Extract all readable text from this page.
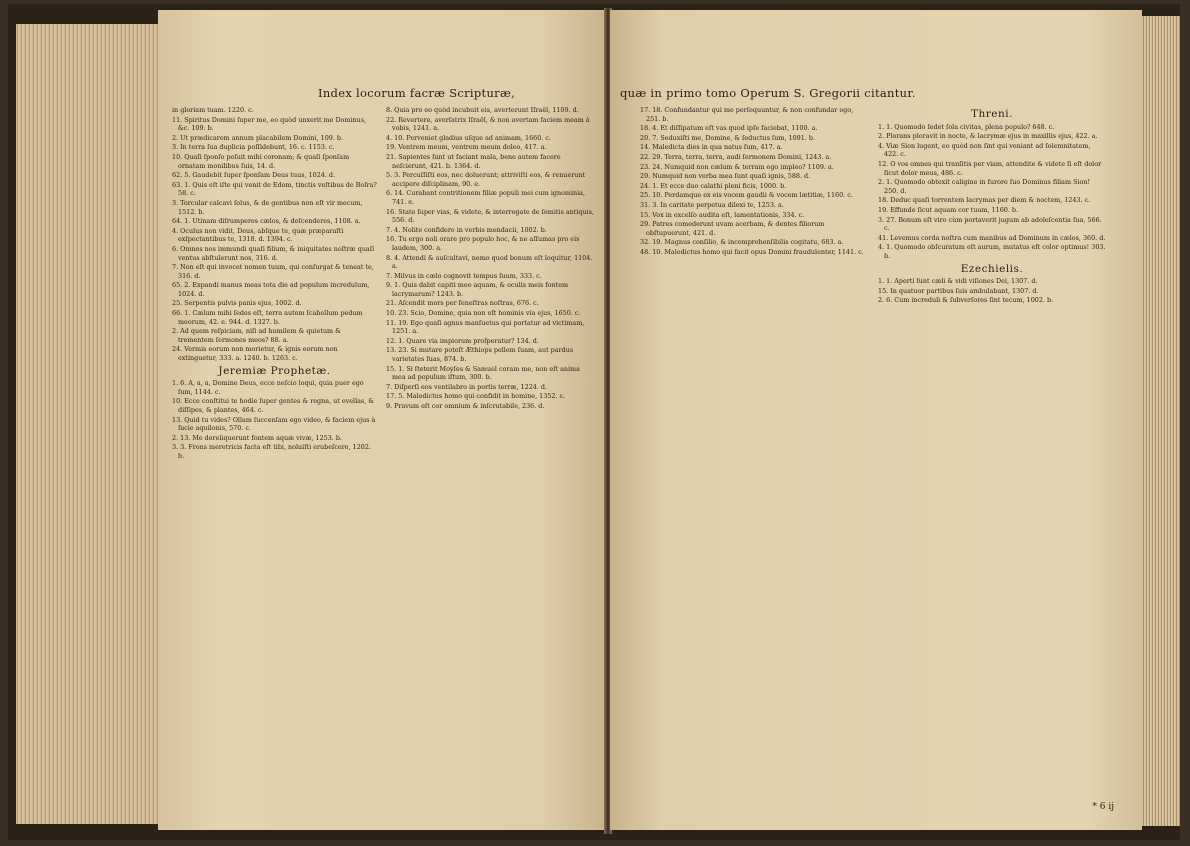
Index locorum facræ Scripturæ,

in gloriam tuam. 1220. c.

11. Spiritus Domini ſuper me, eo quòd unxerit me Dominus, &c. 109. b.

2. Ut prædicarem annum placabilem Domini, 109. b.

3. In terra ſua duplicia poſſidebunt, 16. c. 1153. c.

10. Quaſi ſponſo poſuit mihi coronam; & quaſi ſponſam ornatam monilibus ſuis, 14. d.

62. 5. Gaudebit ſuper ſponſam Deus tuus, 1024. d.

63. 1. Quis eſt iſte qui venit de Edom, tinctis veſtibus de Boſra? 58. c.

3. Torcular calcavi ſolus, & de gentibus non eſt vir mecum, 1512. b.

64. 1. Utinam diſrumperes cælos, & deſcenderes, 1108. a.

4. Oculus non vidit, Deus, abſque te, quæ præparaſti exſpectantibus te, 1318. d. 1394. c.

6. Omnes nos immundi quaſi filium, & iniquitates noſtræ quaſi ventus abſtulerunt nos, 316. d.

7. Non eſt qui invocet nomen tuum, qui conſurgat & teneat te, 316. d.

65. 2. Expandi manus meas tota die ad populum incredulum, 1024. d.

25. Serpentis pulvis panis ejus, 1002. d.

66. 1. Cælum mihi ſedes eſt, terra autem ſcabellum pedum meorum, 42. e. 944. d. 1327. b.

2. Ad quem reſpiciam, niſi ad humilem & quietum & trementem ſermones meos? 88. a.

24. Vermis eorum non morietur, & ignis eorum non extinguetur, 333. a. 1240. b. 1263. c.

Jeremiæ Prophetæ.

1. 6. A, a, a, Domine Deus, ecce neſcio loqui, quia puer ego ſum, 1144. c.

10. Ecce conſtitui te hodie ſuper gentes & regna, ut evellas, & diſſipes, & plantes, 464. c.

13. Quid tu vides? Ollam ſuccenſam ego video, & faciem ejus à facie aquilonis, 570. c.

2. 13. Me dereliquerunt fontem aquæ vivæ, 1253. b.

3. 3. Frons meretricis facta eſt tibi, noluiſti erubeſcere, 1202. b.

8. Quia pro eo quòd incubuit eis, averterunt Iſraël, 1109. d.

22. Revertere, averſatrix Iſraël, & non avertam faciem meam à vobis, 1241. a.

4. 10. Perveniet gladius uſque ad animam, 1660. c.

19. Ventrem meum, ventrem meum doleo, 417. a.

21. Sapientes ſunt ut faciant mala, bene autem facere neſcierunt, 421. b. 1364. d.

5. 3. Percuſſiſti eos, nec doluerunt; attriviſti eos, & renuerunt accipere diſciplinam, 90. e.

6. 14. Curabant contritionem filiæ populi mei cum ignominia, 741. e.

16. State ſuper vias, & videte, & interrogate de ſemitis antiquis, 556. d.

7. 4. Nolite confidere in verbis mendacii, 1002. b.

16. Tu ergo noli orare pro populo hoc, & ne aſſumas pro eis laudem, 300. a.

8. 4. Attendi & auſcultavi, nemo quod bonum eſt loquitur, 1104. a.

7. Milvus in cælo cognovit tempus ſuum, 333. c.

9. 1. Quis dabit capiti meo aquam, & oculis meis fontem lacrymarum? 1243. b.

21. Aſcendit mors per feneſtras noſtras, 676. c.

10. 23. Scio, Domine, quia non eſt hominis via ejus, 1650. c.

11. 19. Ego quaſi agnus manſuetus qui portatur ad victimam, 1251. a.

12. 1. Quare via impiorum proſperatur? 134. d.

13. 23. Si mutare poteſt Æthiops pellem ſuam, aut pardus varietates ſuas, 874. b.

15. 1. Si ſteterit Moyſes & Samuel coram me, non eſt anima mea ad populum iſtum, 300. b.

7. Diſperſi eos ventilabro in portis terræ, 1224. d.

17. 5. Maledictus homo qui confidit in homine, 1352. c.

9. Pravum eſt cor omnium & inſcrutabile, 236. d.

quæ in primo tomo Operum S. Gregorii citantur.

17. 18. Confundantur qui me perſequuntur, & non confundar ego, 251. b.

18. 4. Et diſſipatum eſt vas quod ipſe faciebat, 1100. a.

20. 7. Seduxiſti me, Domine, & ſeductus ſum, 1091. b.

14. Maledicta dies in qua natus ſum, 417. a.

22. 29. Terra, terra, terra, audi ſermonem Domini, 1243. a.

23. 24. Numquid non cælum & terram ego impleo? 1109. a.

29. Numquid non verba mea ſunt quaſi ignis, 588. d.

24. 1. Et ecce duo calathi pleni ficis, 1000. b.

25. 10. Perdamque ex eis vocem gaudii & vocem lætitiæ, 1160. c.

31. 3. In caritate perpetua dilexi te, 1253. a.

15. Vox in excelſo audita eſt, lamentationis, 334. c.

29. Patres comederunt uvam acerbam, & dentes filiorum obſtupuerunt, 421. d.

32. 19. Magnus conſilio, & incomprehenſibilis cogitatu, 683. a.

48. 10. Maledictus homo qui facit opus Domini fraudulenter, 1141. c.

Threni.

1. 1. Quomodo ſedet ſola civitas, plena populo? 648. c.

2. Plorans ploravit in nocte, & lacrymæ ejus in maxillis ejus, 422. a.

4. Viæ Sion lugent, eo quòd non ſint qui veniant ad ſolemnitatem, 422. c.

12. O vos omnes qui tranſitis per viam, attendite & videte ſi eſt dolor ſicut dolor meus, 486. c.

2. 1. Quomodo obtexit caligine in furore ſuo Dominus filiam Sion! 250. d.

18. Deduc quaſi torrentem lacrymas per diem & noctem, 1243. c.

19. Effunde ſicut aquam cor tuum, 1160. b.

3. 27. Bonum eſt viro cùm portaverit jugum ab adoleſcentia ſua, 566. c.

41. Levemus corda noſtra cum manibus ad Dominum in cælos, 360. d.

4. 1. Quomodo obſcuratum eſt aurum, mutatus eſt color optimus! 303. b.

Ezechielis.

1. 1. Aperti ſunt cæli & vidi viſiones Dei, 1307. d.

15. In quatuor partibus ſuis ambulabant, 1307. d.

2. 6. Cum increduli & ſubverſores ſint tecum, 1002. b.

* 6 ij
